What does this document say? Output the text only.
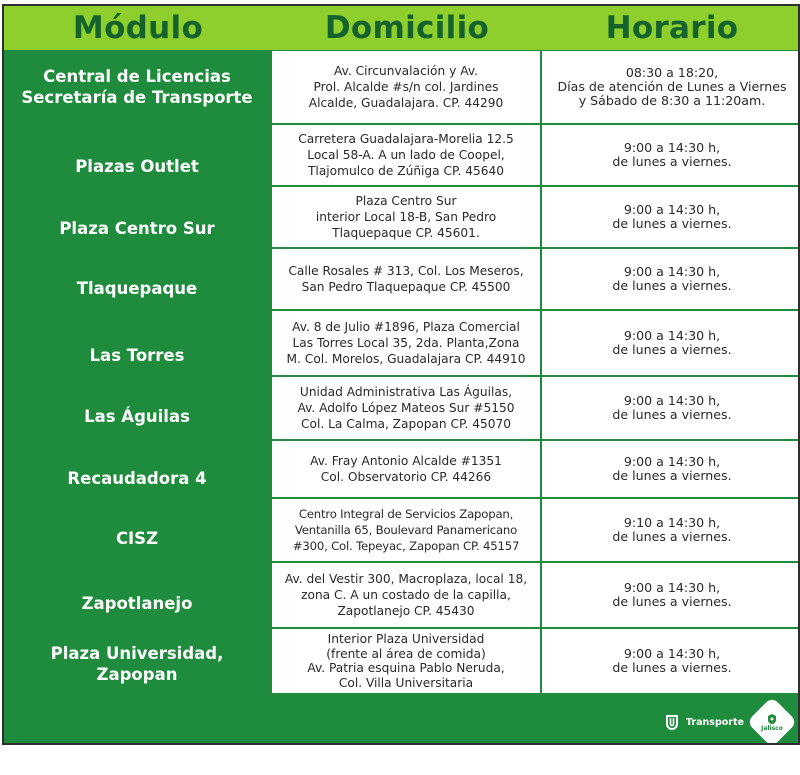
Módulo	Domicilio	Horario
Central de Licencias
Secretaría de Transporte
Av. Circunvalación y Av.
Prol. Alcalde #s/n col. Jardines
Alcalde, Guadalajara. CP. 44290
08:30 a 18:20,
Días de atención de Lunes a Viernes
y Sábado de 8:30 a 11:20am.
Plazas Outlet
Carretera Guadalajara-Morelia 12.5
Local 58-A. A un lado de Coopel,
Tlajomulco de Zúñiga CP. 45640
9:00 a 14:30 h,
de lunes a viernes.
Plaza Centro Sur
Plaza Centro Sur
interior Local 18-B, San Pedro
Tlaquepaque CP. 45601.
9:00 a 14:30 h,
de lunes a viernes.
Tlaquepaque
Calle Rosales # 313, Col. Los Meseros,
San Pedro Tlaquepaque CP. 45500
9:00 a 14:30 h,
de lunes a viernes.
Las Torres
Av. 8 de Julio #1896, Plaza Comercial
Las Torres Local 35, 2da. Planta,Zona
M. Col. Morelos, Guadalajara CP. 44910
9:00 a 14:30 h,
de lunes a viernes.
Las Águilas
Unidad Administrativa Las Águilas,
Av. Adolfo López Mateos Sur #5150
Col. La Calma, Zapopan CP. 45070
9:00 a 14:30 h,
de lunes a viernes.
Recaudadora 4
Av. Fray Antonio Alcalde #1351
Col. Observatorio CP. 44266
9:00 a 14:30 h,
de lunes a viernes.
CISZ
Centro Integral de Servicios Zapopan,
Ventanilla 65, Boulevard Panamericano
#300, Col. Tepeyac, Zapopan CP. 45157
9:10 a 14:30 h,
de lunes a viernes.
Zapotlanejo
Av. del Vestir 300, Macroplaza, local 18,
zona C. A un costado de la capilla,
Zapotlanejo CP. 45430
9:00 a 14:30 h,
de lunes a viernes.
Plaza Universidad,
Zapopan
Interior Plaza Universidad
(frente al área de comida)
Av. Patria esquina Pablo Neruda,
Col. Villa Universitaria
9:00 a 14:30 h,
de lunes a viernes.
Transporte
Jalisco
